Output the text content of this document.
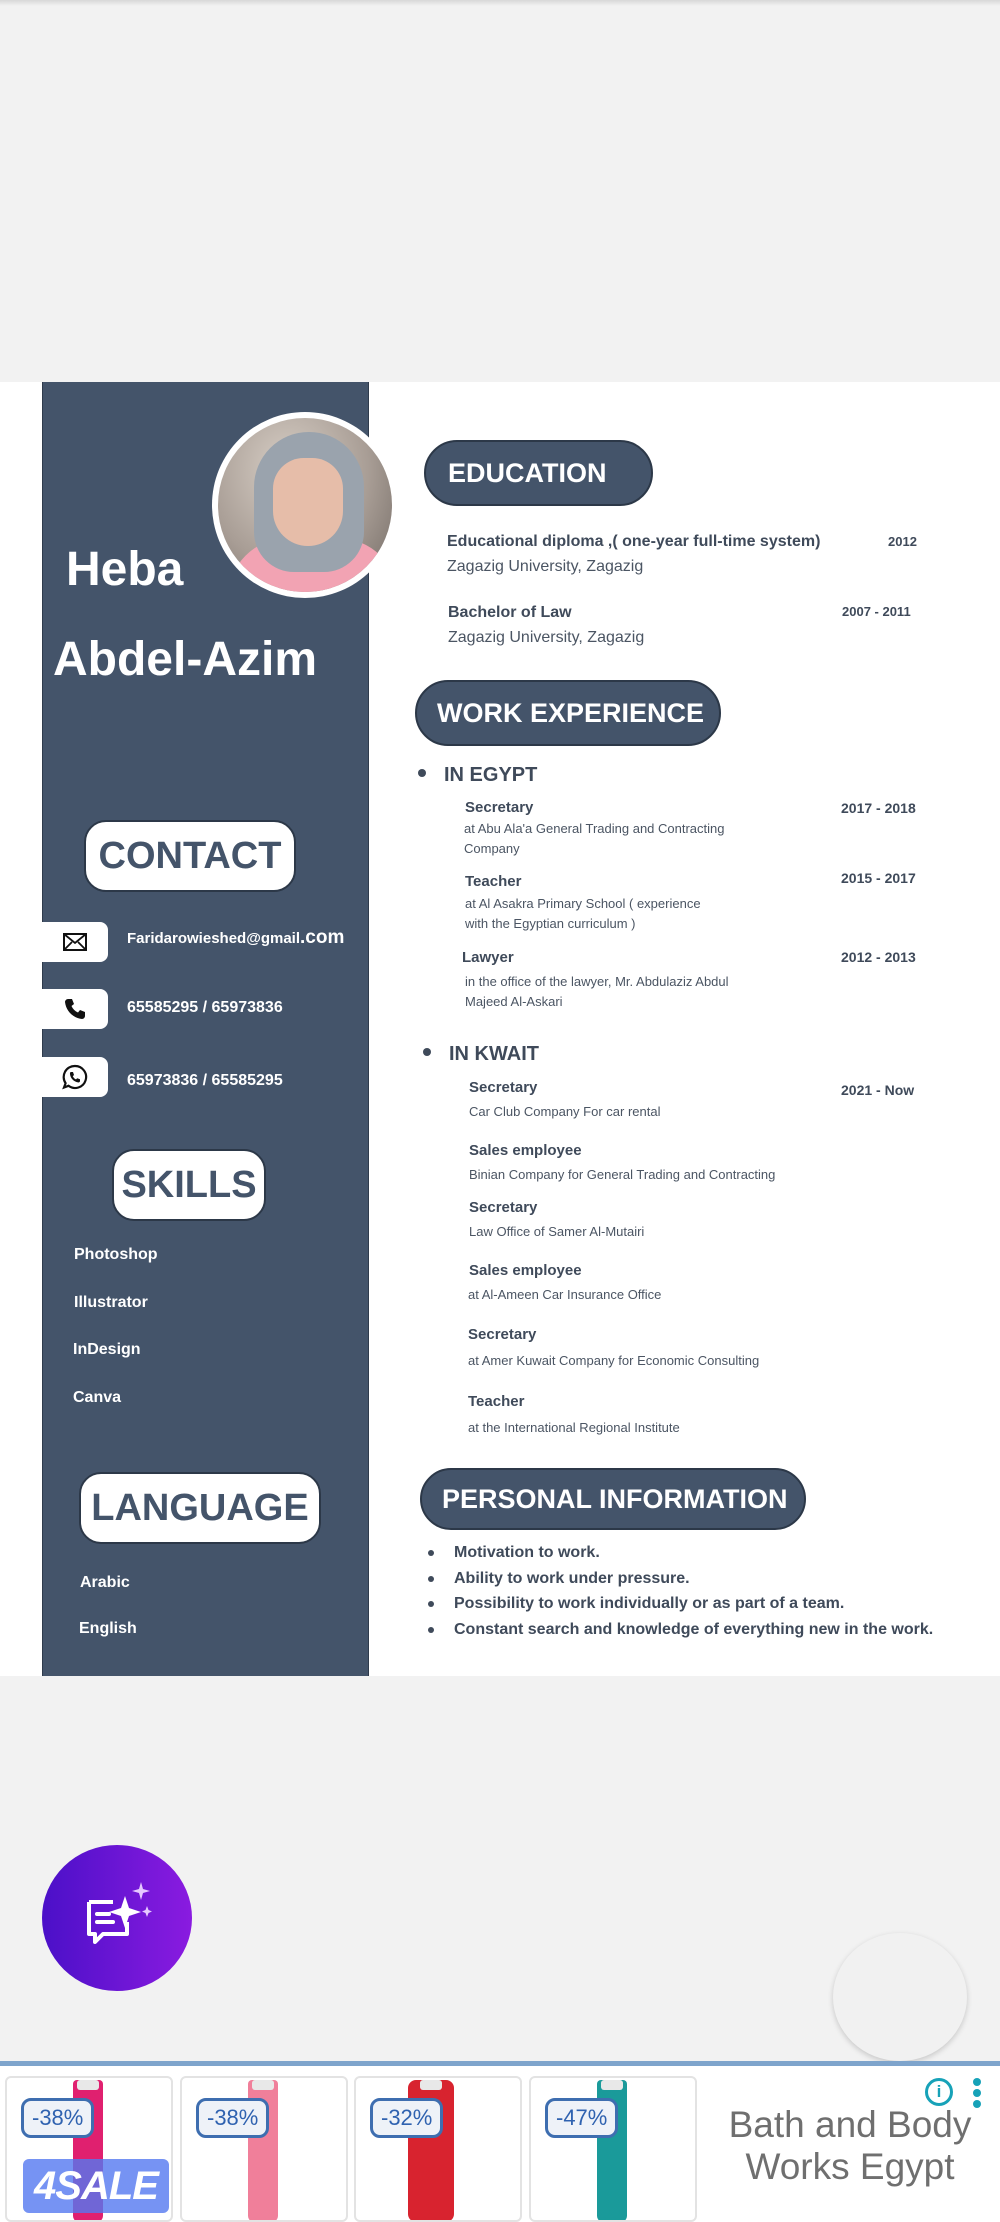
Heba
Abdel-Azim
CONTACT
Faridarowieshed@gmail.com
65585295 / 65973836
65973836 / 65585295
SKILLS
Photoshop
Illustrator
InDesign
Canva
LANGUAGE
Arabic
English
EDUCATION
Educational diploma ,( one-year full-time system)
Zagazig University, Zagazig
2012
Bachelor of Law
Zagazig University, Zagazig
2007 - 2011
WORK EXPERIENCE
IN EGYPT
Secretary
at Abu Ala'a General Trading and Contracting
Company
2017 - 2018
Teacher
at Al Asakra Primary School ( experience
with the Egyptian curriculum )
2015 - 2017
Lawyer
in the office of the lawyer, Mr. Abdulaziz Abdul
Majeed Al-Askari
2012 - 2013
IN KWAIT
Secretary
Car Club Company For car rental
2021 - Now
Sales employee
Binian Company for General Trading and Contracting
Secretary
Law Office of Samer Al-Mutairi
Sales employee
at Al-Ameen Car Insurance Office
Secretary
at Amer Kuwait Company for Economic Consulting
Teacher
at the International Regional Institute
PERSONAL INFORMATION
Motivation to work.
Ability to work under pressure.
Possibility to work individually or as part of a team.
Constant search and knowledge of everything new in the work.
-38%
4SALE
-38%	-32%	-47%
i
Bath and Body Works Egypt
